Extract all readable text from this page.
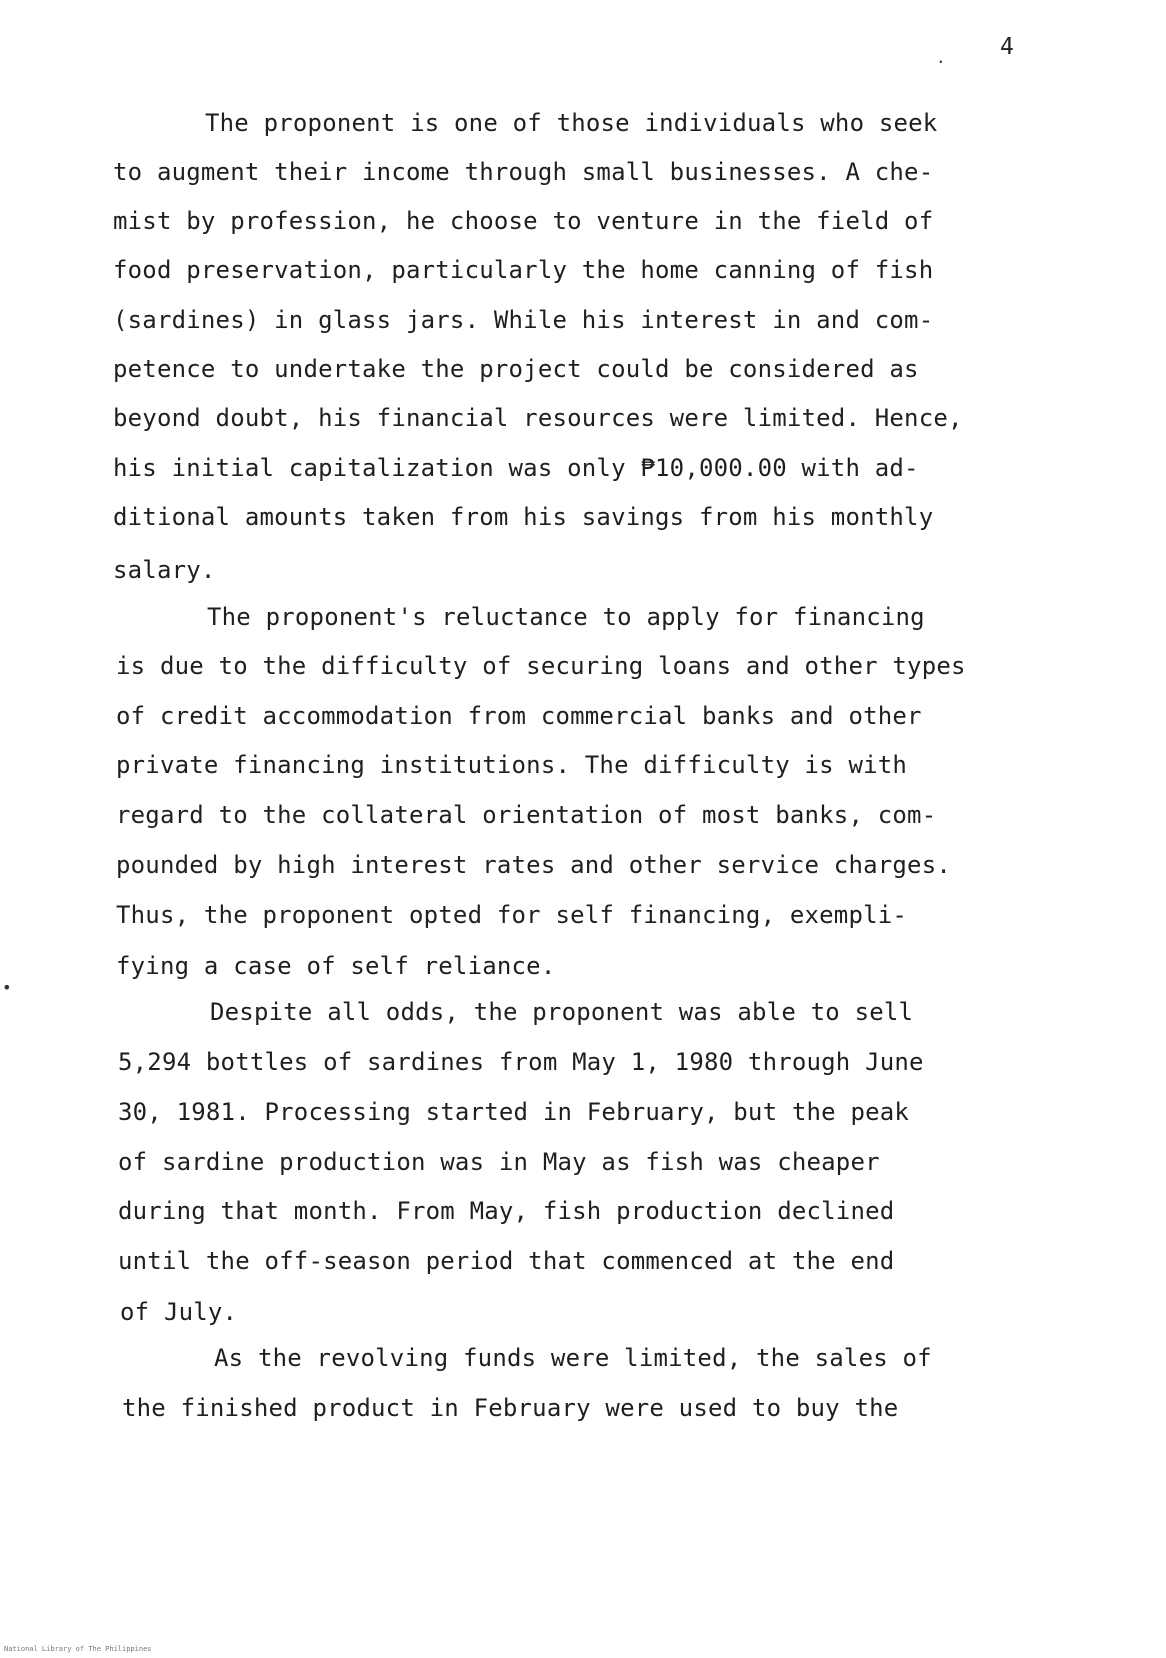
. 4
The proponent is one of those individuals who seek
to augment their income through small businesses. A che-
mist by profession, he choose to venture in the field of
food preservation, particularly the home canning of fish
(sardines) in glass jars. While his interest in and com-
petence to undertake the project could be considered as
beyond doubt, his financial resources were limited. Hence,
his initial capitalization was only ₱10,000.00 with ad-
ditional amounts taken from his savings from his monthly
salary.
The proponent's reluctance to apply for financing
is due to the difficulty of securing loans and other types
of credit accommodation from commercial banks and other
private financing institutions. The difficulty is with
regard to the collateral orientation of most banks, com-
pounded by high interest rates and other service charges.
Thus, the proponent opted for self financing, exempli-
fying a case of self reliance.
•
Despite all odds, the proponent was able to sell
5,294 bottles of sardines from May 1, 1980 through June
30, 1981. Processing started in February, but the peak
of sardine production was in May as fish was cheaper
during that month. From May, fish production declined
until the off-season period that commenced at the end
of July.
As the revolving funds were limited, the sales of
the finished product in February were used to buy the
National Library of The Philippines
